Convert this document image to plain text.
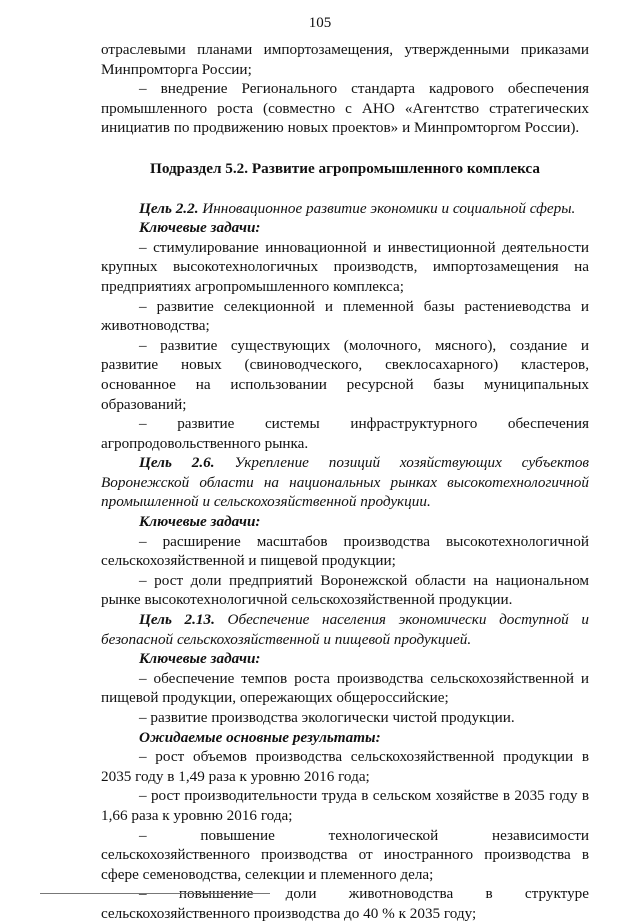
105

отраслевыми планами импортозамещения, утвержденными приказами Минпромторга России;

– внедрение Регионального стандарта кадрового обеспечения промышленного роста (совместно с АНО «Агентство стратегических инициатив по продвижению новых проектов» и Минпромторгом России).

Подраздел 5.2. Развитие агропромышленного комплекса

Цель 2.2. Инновационное развитие экономики и социальной сферы.

Ключевые задачи:

– стимулирование инновационной и инвестиционной деятельности крупных высокотехнологичных производств, импортозамещения на предприятиях агропромышленного комплекса;

– развитие селекционной и племенной базы растениеводства и животноводства;

– развитие существующих (молочного, мясного), создание и развитие новых (свиноводческого, свеклосахарного) кластеров, основанное на использовании ресурсной базы муниципальных образований;

– развитие системы инфраструктурного обеспечения агропродовольственного рынка.

Цель 2.6. Укрепление позиций хозяйствующих субъектов Воронежской области на национальных рынках высокотехнологичной промышленной и сельскохозяйственной продукции.

Ключевые задачи:

– расширение масштабов производства высокотехнологичной сельскохозяйственной и пищевой продукции;

– рост доли предприятий Воронежской области на национальном рынке высокотехнологичной сельскохозяйственной продукции.

Цель 2.13. Обеспечение населения экономически доступной и безопасной сельскохозяйственной и пищевой продукцией.

Ключевые задачи:

– обеспечение темпов роста производства сельскохозяйственной и пищевой продукции, опережающих общероссийские;

– развитие производства экологически чистой продукции.

Ожидаемые основные результаты:

– рост объемов производства сельскохозяйственной продукции в 2035 году в 1,49 раза к уровню 2016 года;

– рост производительности труда в сельском хозяйстве в 2035 году в 1,66 раза к уровню 2016 года;

– повышение технологической независимости сельскохозяйственного производства от иностранного производства в сфере семеноводства, селекции и племенного дела;

– повышение доли животноводства в структуре сельскохозяйственного производства до 40 % к 2035 году;
